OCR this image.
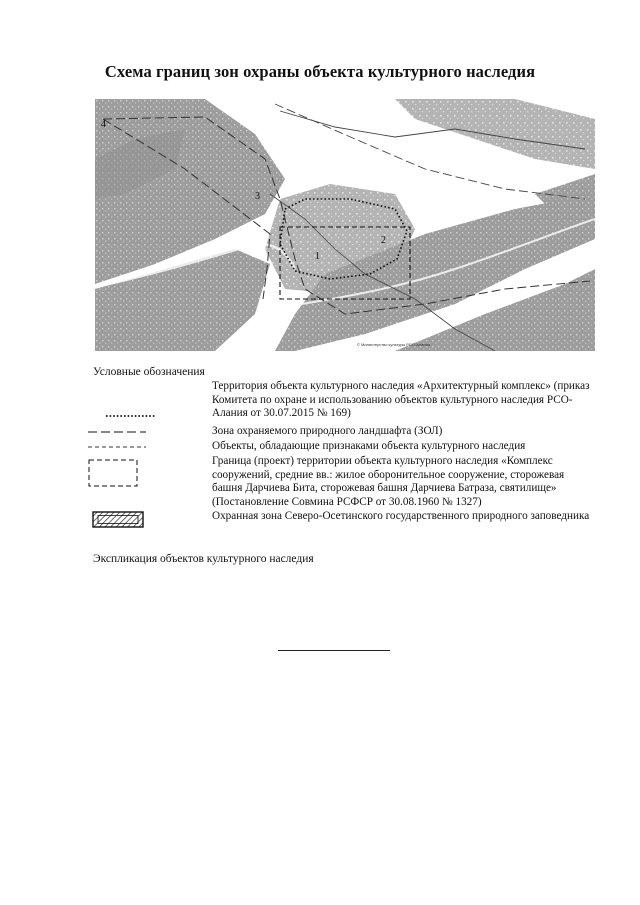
Схема границ зон охраны объекта культурного наследия
1
2
3
4
© Министерство культуры РСО-Алания
Условные обозначения
Территория объекта культурного наследия «Архитектурный комплекс» (приказ Комитета по охране и использованию объектов культурного наследия РСО-Алания от 30.07.2015 № 169)
Зона охраняемого природного ландшафта (ЗОЛ)
Объекты, обладающие признаками объекта культурного наследия
Граница (проект) территории объекта культурного наследия «Комплекс сооружений, средние вв.: жилое оборонительное сооружение, сторожевая башня Дарчиева Бита, сторожевая башня Дарчиева Батраза, святилище» (Постановление Совмина РСФСР от 30.08.1960 № 1327)
Охранная зона Северо-Осетинского государственного природного заповедника
Экспликация объектов культурного наследия
